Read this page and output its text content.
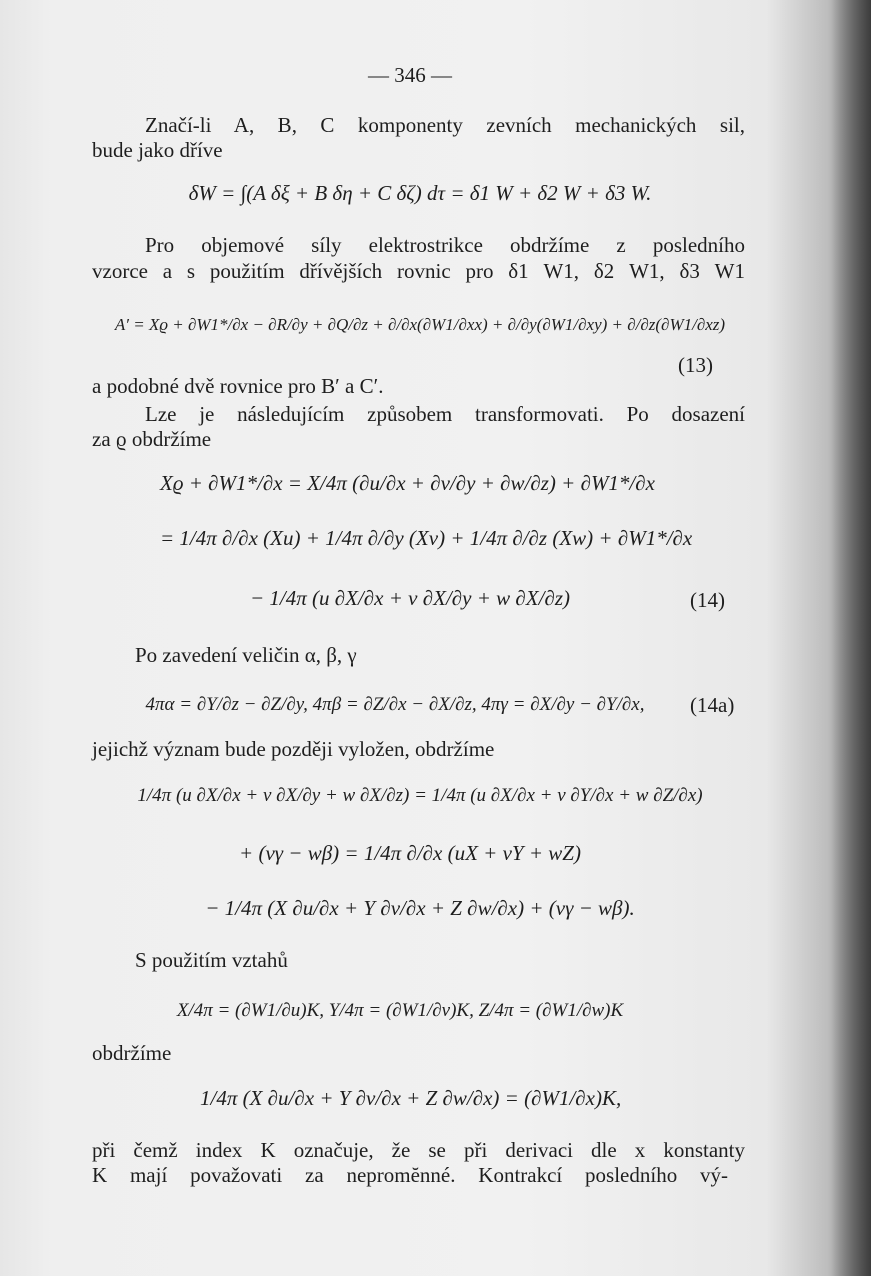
— 346 —
Značí-li A, B, C komponenty zevních mechanických sil,
bude jako dříve
δW = ∫(A δξ + B δη + C δζ) dτ = δ1 W + δ2 W + δ3 W.
Pro objemové síly elektrostrikce obdržíme z posledního
vzorce a s použitím dřívějších rovnic pro δ1 W1, δ2 W1, δ3 W1
A′ = Xϱ + ∂W1*/∂x − ∂R/∂y + ∂Q/∂z + ∂/∂x(∂W1/∂xx) + ∂/∂y(∂W1/∂xy) + ∂/∂z(∂W1/∂xz)
(13)
a podobné dvě rovnice pro B′ a C′.
Lze je následujícím způsobem transformovati. Po dosazení
za ϱ obdržíme
Xϱ + ∂W1*/∂x = X/4π (∂u/∂x + ∂v/∂y + ∂w/∂z) + ∂W1*/∂x
= 1/4π ∂/∂x (Xu) + 1/4π ∂/∂y (Xv) + 1/4π ∂/∂z (Xw) + ∂W1*/∂x
− 1/4π (u ∂X/∂x + v ∂X/∂y + w ∂X/∂z)	(14)
Po zavedení veličin α, β, γ
4πα = ∂Y/∂z − ∂Z/∂y, 4πβ = ∂Z/∂x − ∂X/∂z, 4πγ = ∂X/∂y − ∂Y/∂x,	(14a)
jejichž význam bude později vyložen, obdržíme
1/4π (u ∂X/∂x + v ∂X/∂y + w ∂X/∂z) = 1/4π (u ∂X/∂x + v ∂Y/∂x + w ∂Z/∂x)
+ (vγ − wβ) = 1/4π ∂/∂x (uX + vY + wZ)
− 1/4π (X ∂u/∂x + Y ∂v/∂x + Z ∂w/∂x) + (vγ − wβ).
S použitím vztahů
X/4π = (∂W1/∂u)K, Y/4π = (∂W1/∂v)K, Z/4π = (∂W1/∂w)K
obdržíme
1/4π (X ∂u/∂x + Y ∂v/∂x + Z ∂w/∂x) = (∂W1/∂x)K,
při čemž index K označuje, že se při derivaci dle x konstanty
K mají považovati za nepromĕnné. Kontrakcí posledního vý-
